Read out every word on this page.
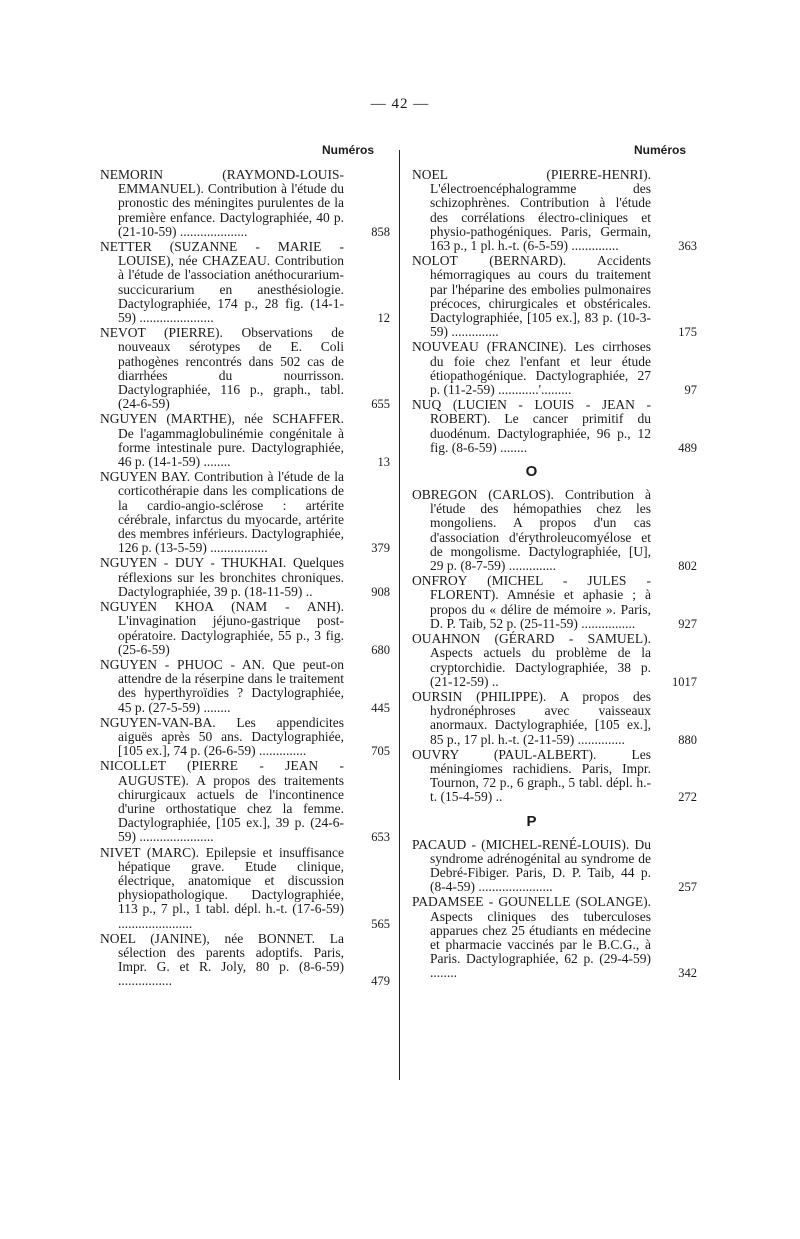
— 42 —
Numéros	Numéros
NEMORIN (RAYMOND-LOUIS-EMMANUEL). Contribution à l'étude du pronostic des méningites purulentes de la première enfance. Dactylographiée, 40 p. (21-10-59) ....................	858
NETTER (SUZANNE - MARIE - LOUISE), née CHAZEAU. Contribution à l'étude de l'association anéthocurarium-succicurarium en anesthésiologie. Dactylographiée, 174 p., 28 fig. (14-1-59) ......................	12
NEVOT (PIERRE). Observations de nouveaux sérotypes de E. Coli pathogènes rencontrés dans 502 cas de diarrhées du nourrisson. Dactylographiée, 116 p., graph., tabl. (24-6-59)	655
NGUYEN (MARTHE), née SCHAFFER. De l'agammaglobulinémie congénitale à forme intestinale pure. Dactylographiée, 46 p. (14-1-59) ........	13
NGUYEN BAY. Contribution à l'étude de la corticothérapie dans les complications de la cardio-angio-sclérose : artérite cérébrale, infarctus du myocarde, artérite des membres inférieurs. Dactylographiée, 126 p. (13-5-59) .................	379
NGUYEN - DUY - THUKHAI. Quelques réflexions sur les bronchites chroniques. Dactylographiée, 39 p. (18-11-59) ..	908
NGUYEN KHOA (NAM - ANH). L'invagination jéjuno-gastrique post-opératoire. Dactylographiée, 55 p., 3 fig. (25-6-59)	680
NGUYEN - PHUOC - AN. Que peut-on attendre de la réserpine dans le traitement des hyperthyroïdies ? Dactylographiée, 45 p. (27-5-59) ........	445
NGUYEN-VAN-BA. Les appendicites aiguës après 50 ans. Dactylographiée, [105 ex.], 74 p. (26-6-59) ..............	705
NICOLLET (PIERRE - JEAN - AUGUSTE). A propos des traitements chirurgicaux actuels de l'incontinence d'urine orthostatique chez la femme. Dactylographiée, [105 ex.], 39 p. (24-6-59) ......................	653
NIVET (MARC). Epilepsie et insuffisance hépatique grave. Etude clinique, électrique, anatomique et discussion physiopathologique. Dactylographiée, 113 p., 7 pl., 1 tabl. dépl. h.-t. (17-6-59) ......................	565
NOEL (JANINE), née BONNET. La sélection des parents adoptifs. Paris, Impr. G. et R. Joly, 80 p. (8-6-59) ................	479
NOEL (PIERRE-HENRI). L'électroencéphalogramme des schizophrènes. Contribution à l'étude des corrélations électro-cliniques et physio-pathogéniques. Paris, Germain, 163 p., 1 pl. h.-t. (6-5-59) ..............	363
NOLOT (BERNARD). Accidents hémorragiques au cours du traitement par l'héparine des embolies pulmonaires précoces, chirurgicales et obstéricales. Dactylographiée, [105 ex.], 83 p. (10-3-59) ..............	175
NOUVEAU (FRANCINE). Les cirrhoses du foie chez l'enfant et leur étude étiopathogénique. Dactylographiée, 27 p. (11-2-59) ............'.........	97
NUQ (LUCIEN - LOUIS - JEAN - ROBERT). Le cancer primitif du duodénum. Dactylographiée, 96 p., 12 fig. (8-6-59) ........	489
O
OBREGON (CARLOS). Contribution à l'étude des hémopathies chez les mongoliens. A propos d'un cas d'association d'érythroleucomyélose et de mongolisme. Dactylographiée, [U], 29 p. (8-7-59) ..............	802
ONFROY (MICHEL - JULES - FLORENT). Amnésie et aphasie ; à propos du « délire de mémoire ». Paris, D. P. Taib, 52 p. (25-11-59) ................	927
OUAHNON (GÉRARD - SAMUEL). Aspects actuels du problème de la cryptorchidie. Dactylographiée, 38 p. (21-12-59) ..	1017
OURSIN (PHILIPPE). A propos des hydronéphroses avec vaisseaux anormaux. Dactylographiée, [105 ex.], 85 p., 17 pl. h.-t. (2-11-59) ..............	880
OUVRY (PAUL-ALBERT). Les méningiomes rachidiens. Paris, Impr. Tournon, 72 p., 6 graph., 5 tabl. dépl. h.-t. (15-4-59) ..	272
P
PACAUD - (MICHEL-RENÉ-LOUIS). Du syndrome adrénogénital au syndrome de Debré-Fibiger. Paris, D. P. Taib, 44 p. (8-4-59) ......................	257
PADAMSEE - GOUNELLE (SOLANGE). Aspects cliniques des tuberculoses apparues chez 25 étudiants en médecine et pharmacie vaccinés par le B.C.G., à Paris. Dactylographiée, 62 p. (29-4-59) ........	342
